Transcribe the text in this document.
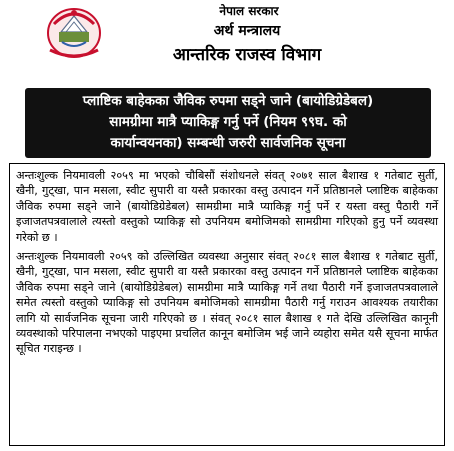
नेपाल सरकार
अर्थ मन्त्रालय
आन्तरिक राजस्व विभाग
प्लाष्टिक बाहेकका जैविक रुपमा सड्ने जाने (बायोडिग्रेडेबल)
सामग्रीमा मात्रै प्याकिङ्ग गर्नु पर्ने (नियम ९९घ. को
कार्यान्वयनका) सम्बन्धी जरुरी सार्वजनिक सूचना

अन्तःशुल्क नियमावली २०५९ मा भएको चौबिसौं संशोधनले संवत् २०७१ साल बैशाख १ गतेबाट सुर्ती, खैनी, गुट्खा, पान मसला, स्वीट सुपारी वा यस्तै प्रकारका वस्तु उत्पादन गर्ने प्रतिष्ठानले प्लाष्टिक बाहेकका जैविक रुपमा सड्ने जाने (बायोडिग्रेडेबल) सामग्रीमा मात्रै प्याकिङ्ग गर्नु पर्ने र यस्ता वस्तु पैठारी गर्ने इजाजतपत्रवालाले त्यस्तो वस्तुको प्याकिङ्ग सो उपनियम बमोजिमको सामग्रीमा गरिएको हुनु पर्ने व्यवस्था गरेको छ ।

अन्तःशुल्क नियमावली २०५९ को उल्लिखित व्यवस्था अनुसार संवत् २०८१ साल बैशाख १ गतेबाट सुर्ती, खैनी, गुट्खा, पान मसला, स्वीट सुपारी वा यस्तै प्रकारका वस्तु उत्पादन गर्ने प्रतिष्ठानले प्लाष्टिक बाहेकका जैविक रुपमा सड्ने जाने (बायोडिग्रेडेबल) सामग्रीमा मात्रै प्याकिङ्ग गर्ने तथा पैठारी गर्ने इजाजतपत्रवालाले समेत त्यस्तो वस्तुको प्याकिङ्ग सो उपनियम बमोजिमको सामग्रीमा पैठारी गर्नु गराउन आवश्यक तयारीका लागि यो सार्वजनिक सूचना जारी गरिएको छ । संवत् २०८१ साल बैशाख १ गते देखि उल्लिखित कानूनी व्यवस्थाको परिपालना नभएको पाइएमा प्रचलित कानून बमोजिम भई जाने व्यहोरा समेत यसै सूचना मार्फत सूचित गराइन्छ ।
